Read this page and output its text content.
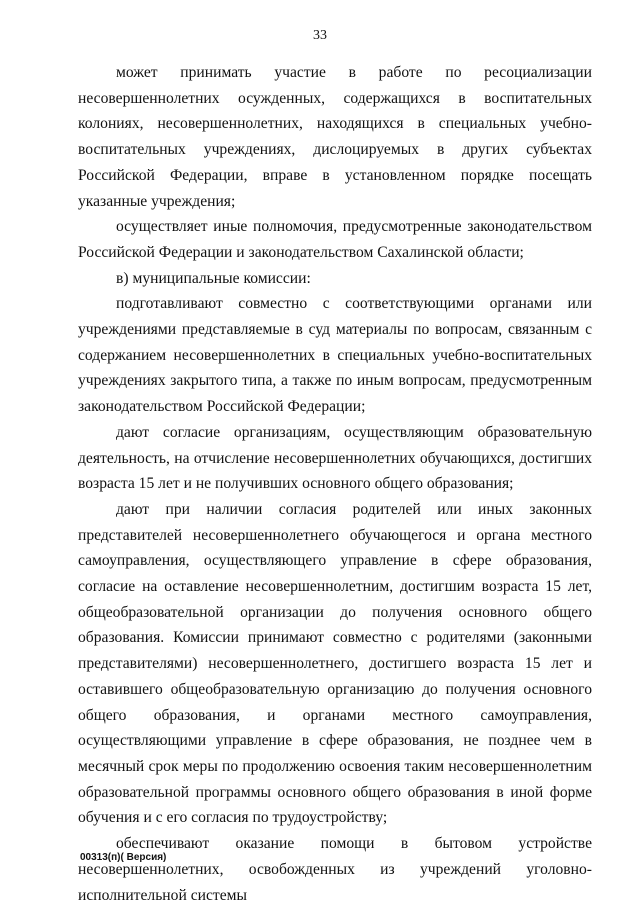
33

может принимать участие в работе по ресоциализации несовершеннолетних осужденных, содержащихся в воспитательных колониях, несовершеннолетних, находящихся в специальных учебно-воспитательных учреждениях, дислоцируемых в других субъектах Российской Федерации, вправе в установленном порядке посещать указанные учреждения;

осуществляет иные полномочия, предусмотренные законодательством Российской Федерации и законодательством Сахалинской области;

в) муниципальные комиссии:

подготавливают совместно с соответствующими органами или учреждениями представляемые в суд материалы по вопросам, связанным с содержанием несовершеннолетних в специальных учебно-воспитательных учреждениях закрытого типа, а также по иным вопросам, предусмотренным законодательством Российской Федерации;

дают согласие организациям, осуществляющим образовательную деятельность, на отчисление несовершеннолетних обучающихся, достигших возраста 15 лет и не получивших основного общего образования;

дают при наличии согласия родителей или иных законных представителей несовершеннолетнего обучающегося и органа местного самоуправления, осуществляющего управление в сфере образования, согласие на оставление несовершеннолетним, достигшим возраста 15 лет, общеобразовательной организации до получения основного общего образования. Комиссии принимают совместно с родителями (законными представителями) несовершеннолетнего, достигшего возраста 15 лет и оставившего общеобразовательную организацию до получения основного общего образования, и органами местного самоуправления, осуществляющими управление в сфере образования, не позднее чем в месячный срок меры по продолжению освоения таким несовершеннолетним образовательной программы основного общего образования в иной форме обучения и с его согласия по трудоустройству;

обеспечивают оказание помощи в бытовом устройстве несовершеннолетних, освобожденных из учреждений уголовно-исполнительной системы

00313(п)( Версия)
